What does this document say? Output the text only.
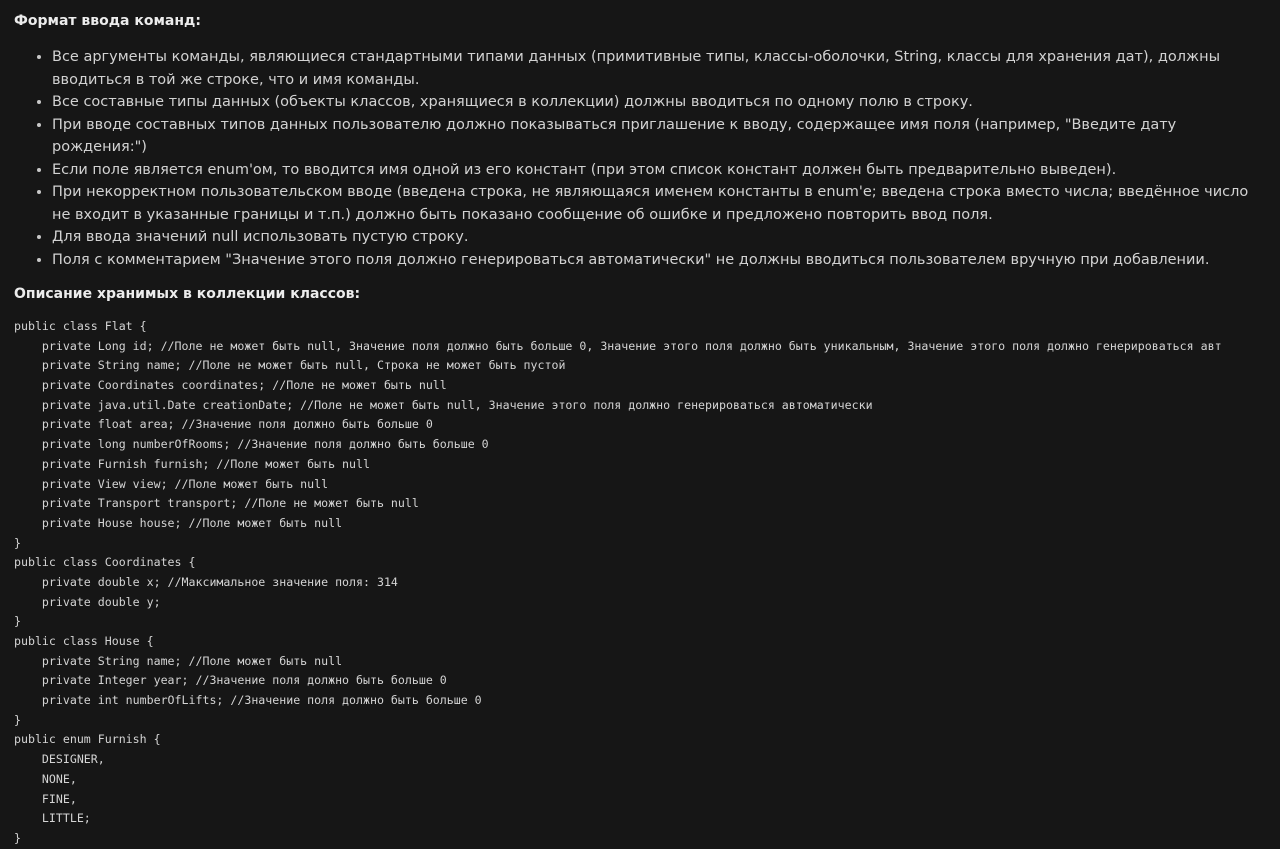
Формат ввода команд:
• Все аргументы команды, являющиеся стандартными типами данных (примитивные типы, классы-оболочки, String, классы для хранения дат), должны вводиться в той же строке, что и имя команды.
• Все составные типы данных (объекты классов, хранящиеся в коллекции) должны вводиться по одному полю в строку.
• При вводе составных типов данных пользователю должно показываться приглашение к вводу, содержащее имя поля (например, "Введите дату рождения:")
• Если поле является enum'ом, то вводится имя одной из его констант (при этом список констант должен быть предварительно выведен).
• При некорректном пользовательском вводе (введена строка, не являющаяся именем константы в enum'е; введена строка вместо числа; введённое число не входит в указанные границы и т.п.) должно быть показано сообщение об ошибке и предложено повторить ввод поля.
• Для ввода значений null использовать пустую строку.
• Поля с комментарием "Значение этого поля должно генерироваться автоматически" не должны вводиться пользователем вручную при добавлении.
Описание хранимых в коллекции классов:
public class Flat {
private Long id; //Поле не может быть null, Значение поля должно быть больше 0, Значение этого поля должно быть уникальным, Значение этого поля должно генерироваться авт
private String name; //Поле не может быть null, Строка не может быть пустой
private Coordinates coordinates; //Поле не может быть null
private java.util.Date creationDate; //Поле не может быть null, Значение этого поля должно генерироваться автоматически
private float area; //Значение поля должно быть больше 0
private long numberOfRooms; //Значение поля должно быть больше 0
private Furnish furnish; //Поле может быть null
private View view; //Поле может быть null
private Transport transport; //Поле не может быть null
private House house; //Поле может быть null
}
public class Coordinates {
private double x; //Максимальное значение поля: 314
private double y;
}
public class House {
private String name; //Поле может быть null
private Integer year; //Значение поля должно быть больше 0
private int numberOfLifts; //Значение поля должно быть больше 0
}
public enum Furnish {
DESIGNER,
NONE,
FINE,
LITTLE;
}
